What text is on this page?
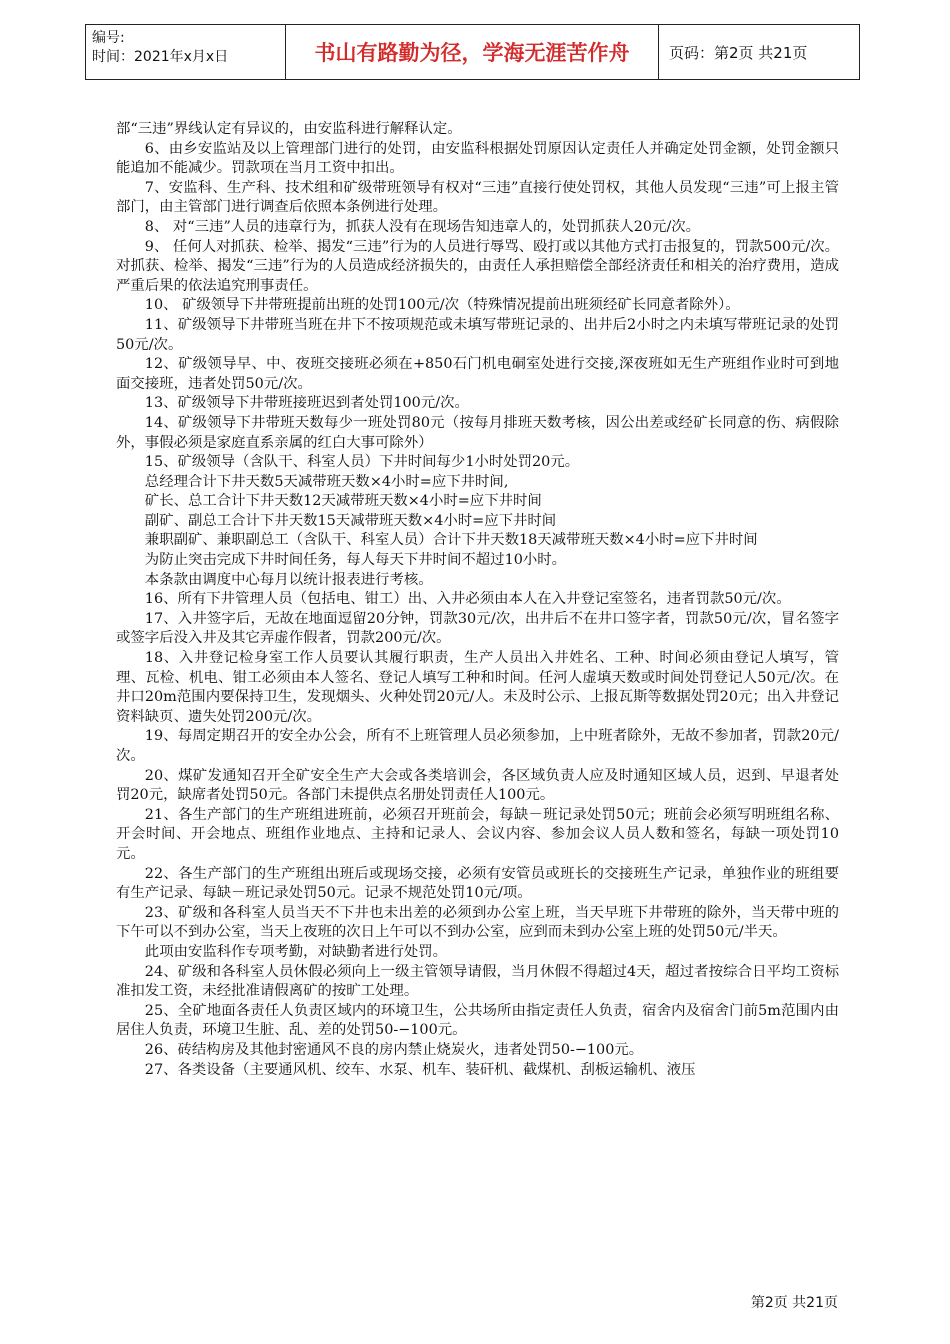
编号:
时间：2021年x月x日	书山有路勤为径，学海无涯苦作舟	页码：第2页 共21页

部“三违”界线认定有异议的，由安监科进行解释认定。

6、由乡安监站及以上管理部门进行的处罚，由安监科根据处罚原因认定责任人并确定处罚金额，处罚金额只能追加不能减少。罚款项在当月工资中扣出。

7、安监科、生产科、技术组和矿级带班领导有权对“三违”直接行使处罚权，其他人员发现“三违”可上报主管部门，由主管部门进行调查后依照本条例进行处理。

8、 对“三违”人员的违章行为，抓获人没有在现场告知违章人的，处罚抓获人20元/次。

9、 任何人对抓获、检举、揭发“三违”行为的人员进行辱骂、殴打或以其他方式打击报复的，罚款500元/次。对抓获、检举、揭发“三违”行为的人员造成经济损失的，由责任人承担赔偿全部经济责任和相关的治疗费用，造成严重后果的依法追究刑事责任。

10、 矿级领导下井带班提前出班的处罚100元/次（特殊情况提前出班须经矿长同意者除外）。

11、矿级领导下井带班当班在井下不按项规范或未填写带班记录的、出井后2小时之内未填写带班记录的处罚50元/次。

12、矿级领导早、中、夜班交接班必须在+850石门机电硐室处进行交接,深夜班如无生产班组作业时可到地面交接班，违者处罚50元/次。

13、矿级领导下井带班接班迟到者处罚100元/次。

14、矿级领导下井带班天数每少一班处罚80元（按每月排班天数考核，因公出差或经矿长同意的伤、病假除外，事假必须是家庭直系亲属的红白大事可除外）

15、矿级领导（含队干、科室人员）下井时间每少1小时处罚20元。

总经理合计下井天数5天减带班天数×4小时=应下井时间,

矿长、总工合计下井天数12天减带班天数×4小时=应下井时间

副矿、副总工合计下井天数15天减带班天数×4小时=应下井时间

兼职副矿、兼职副总工（含队干、科室人员）合计下井天数18天减带班天数×4小时=应下井时间

为防止突击完成下井时间任务，每人每天下井时间不超过10小时。

本条款由调度中心每月以统计报表进行考核。

16、所有下井管理人员（包括电、钳工）出、入井必须由本人在入井登记室签名，违者罚款50元/次。

17、入井签字后，无故在地面逗留20分钟，罚款30元/次，出井后不在井口签字者，罚款50元/次，冒名签字或签字后没入井及其它弄虚作假者，罚款200元/次。

18、入井登记检身室工作人员要认其履行职责，生产人员出入井姓名、工种、时间必须由登记人填写，管理、瓦检、机电、钳工必须由本人签名、登记人填写工种和时间。任河人虚填天数或时间处罚登记人50元/次。在井口20m范围内要保持卫生，发现烟头、火种处罚20元/人。未及时公示、上报瓦斯等数据处罚20元；出入井登记资料缺页、遗失处罚200元/次。

19、每周定期召开的安全办公会，所有不上班管理人员必须参加，上中班者除外，无故不参加者，罚款20元/次。

20、煤矿发通知召开全矿安全生产大会或各类培训会，各区域负责人应及时通知区域人员，迟到、早退者处罚20元，缺席者处罚50元。各部门未提供点名册处罚责任人100元。

21、各生产部门的生产班组进班前，必须召开班前会，每缺－班记录处罚50元；班前会必须写明班组名称、开会时间、开会地点、班组作业地点、主持和记录人、会议内容、参加会议人员人数和签名，每缺一项处罚10元。

22、各生产部门的生产班组出班后或现场交接，必须有安管员或班长的交接班生产记录，单独作业的班组要有生产记录、每缺－班记录处罚50元。记录不规范处罚10元/项。

23、矿级和各科室人员当天不下井也未出差的必须到办公室上班，当天早班下井带班的除外，当天带中班的下午可以不到办公室，当天上夜班的次日上午可以不到办公室，应到而未到办公室上班的处罚50元/半天。

此项由安监科作专项考勤，对缺勤者进行处罚。

24、矿级和各科室人员休假必须向上一级主管领导请假，当月休假不得超过4天，超过者按综合日平均工资标准扣发工资，未经批准请假离矿的按旷工处理。

25、全矿地面各责任人负责区域内的环境卫生，公共场所由指定责任人负责，宿舍内及宿舍门前5m范围内由居住人负责，环境卫生脏、乱、差的处罚50-−100元。

26、砖结构房及其他封密通风不良的房内禁止烧炭火，违者处罚50-−100元。

27、各类设备（主要通风机、绞车、水泵、机车、装矸机、截煤机、刮板运输机、液压

第2页 共21页
